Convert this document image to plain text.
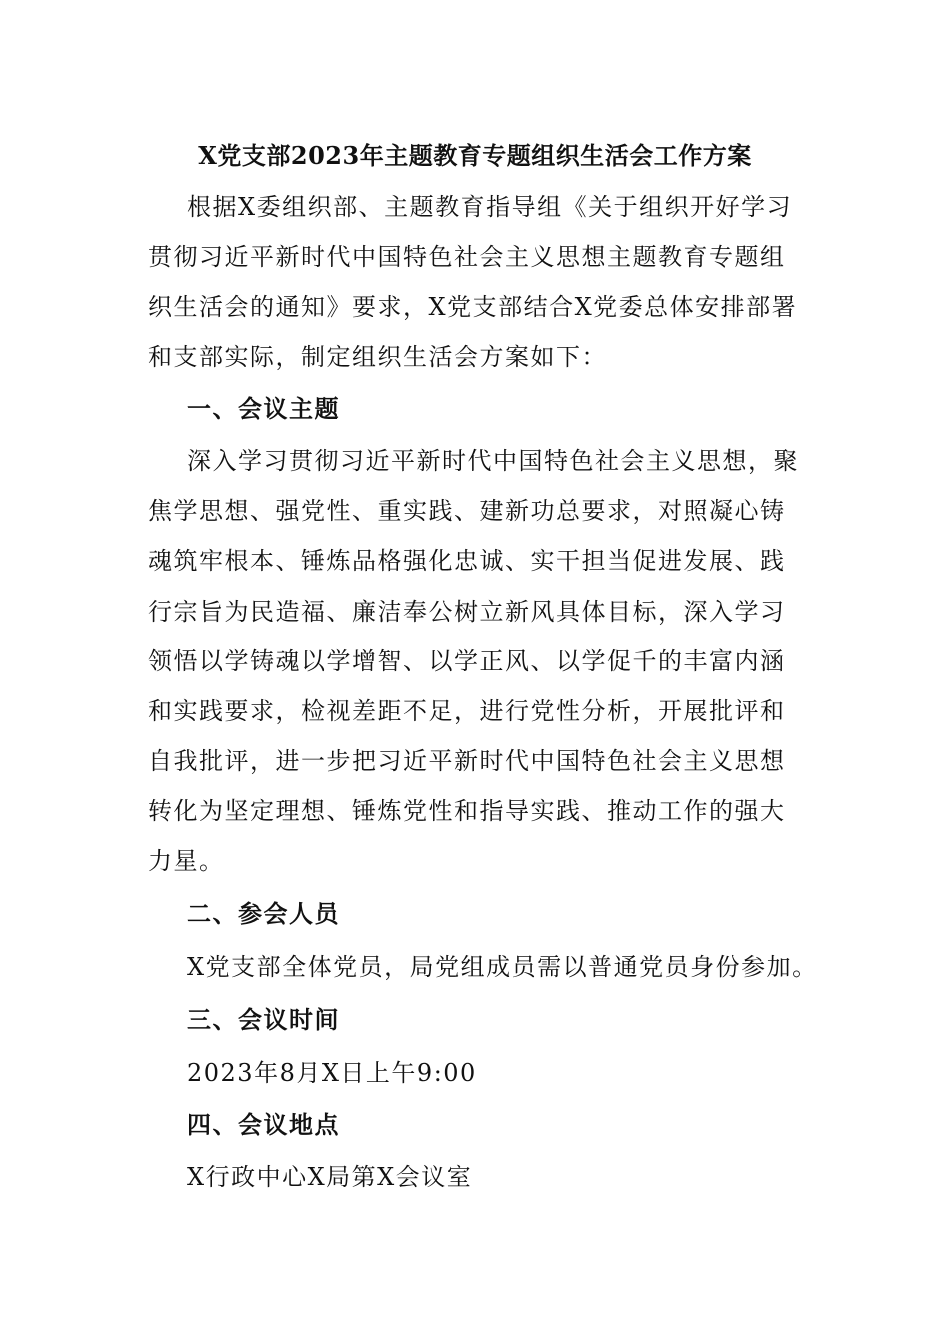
X党支部2023年主题教育专题组织生活会工作方案
根据X委组织部、主题教育指导组《关于组织开好学习
贯彻习近平新时代中国特色社会主义思想主题教育专题组
织生活会的通知》要求，X党支部结合X党委总体安排部署
和支部实际，制定组织生活会方案如下：
一、会议主题
深入学习贯彻习近平新时代中国特色社会主义思想，聚
焦学思想、强党性、重实践、建新功总要求，对照凝心铸
魂筑牢根本、锤炼品格强化忠诚、实干担当促进发展、践
行宗旨为民造福、廉洁奉公树立新风具体目标，深入学习
领悟以学铸魂以学增智、以学正风、以学促千的丰富内涵
和实践要求，检视差距不足，进行党性分析，开展批评和
自我批评，进一步把习近平新时代中国特色社会主义思想
转化为坚定理想、锤炼党性和指导实践、推动工作的强大
力星。
二、参会人员
X党支部全体党员，局党组成员需以普通党员身份参加。
三、会议时间
2023年8月X日上午9:00
四、会议地点
X行政中心X局第X会议室
